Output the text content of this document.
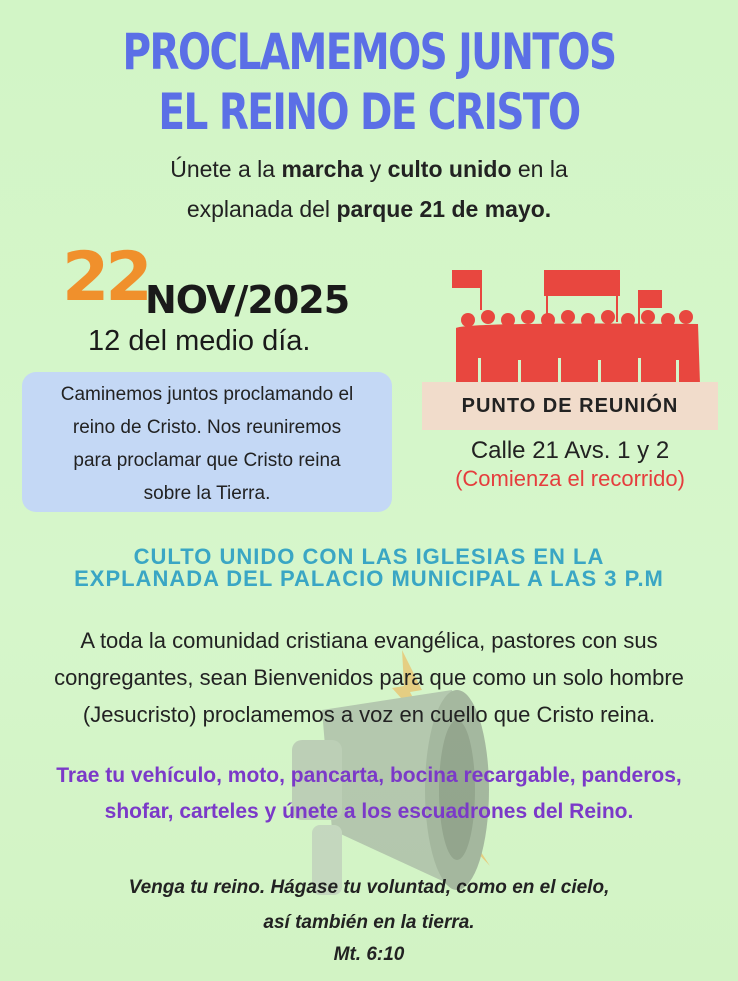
PROCLAMEMOS JUNTOS
EL REINO DE CRISTO
Únete a la marcha y culto unido en la
explanada del parque 21 de mayo.
22
NOV/2025
12 del medio día.
Caminemos juntos proclamando el
reino de Cristo. Nos reuniremos
para proclamar que Cristo reina
sobre la Tierra.
PUNTO DE REUNIÓN
Calle 21 Avs. 1 y 2
(Comienza el recorrido)
CULTO UNIDO CON LAS IGLESIAS EN LA
EXPLANADA DEL PALACIO MUNICIPAL A LAS 3 P.M
A toda la comunidad cristiana evangélica, pastores con sus
congregantes, sean Bienvenidos para que como un solo hombre
(Jesucristo) proclamemos a voz en cuello que Cristo reina.
Trae tu vehículo, moto, pancarta, bocina recargable, panderos,
shofar, carteles y únete a los escuadrones del Reino.
Venga tu reino. Hágase tu voluntad, como en el cielo,
así también en la tierra.
Mt. 6:10
